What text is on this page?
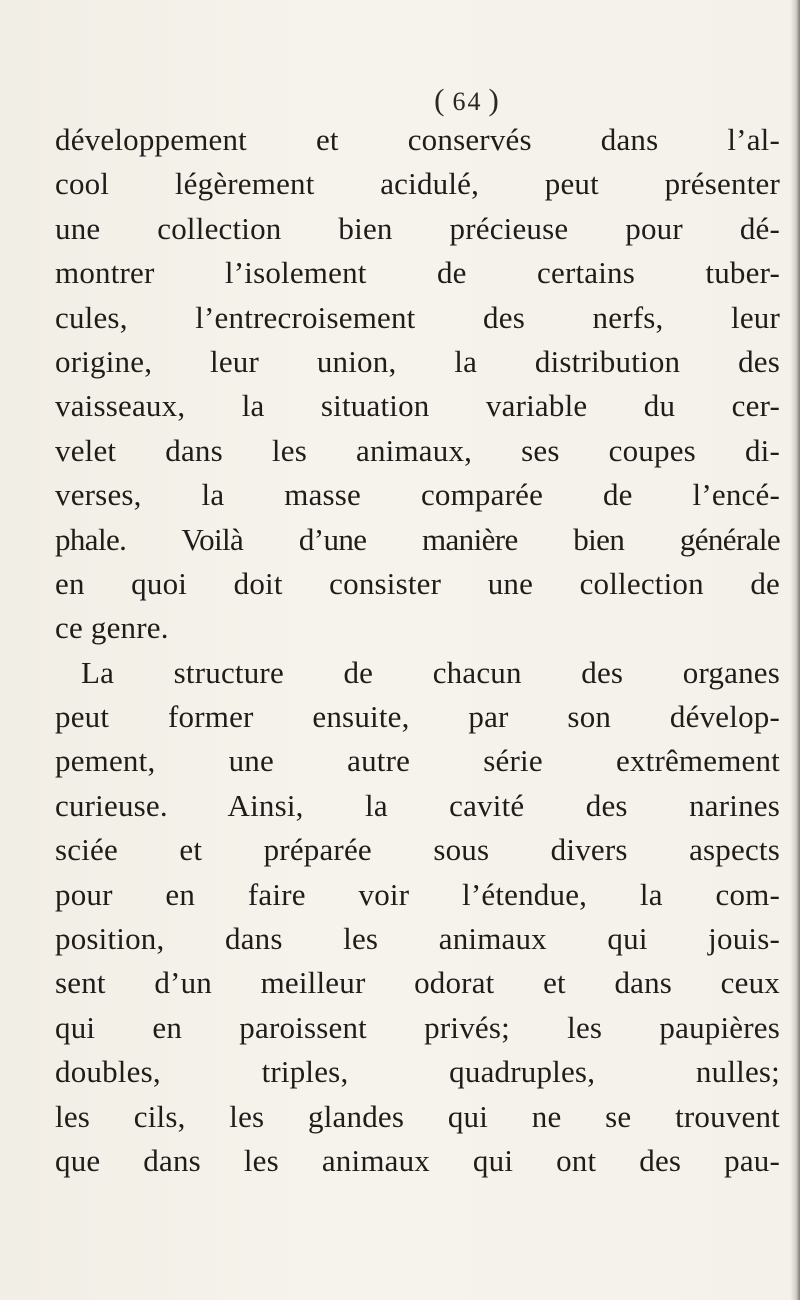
( 64 )
développement et conservés dans l’al-
cool légèrement acidulé, peut présenter
une collection bien précieuse pour dé-
montrer l’isolement de certains tuber-
cules, l’entrecroisement des nerfs, leur
origine, leur union, la distribution des
vaisseaux, la situation variable du cer-
velet dans les animaux, ses coupes di-
verses, la masse comparée de l’encé-
phale. Voilà d’une manière bien générale
en quoi doit consister une collection de
ce genre.
La structure de chacun des organes
peut former ensuite, par son dévelop-
pement, une autre série extrêmement
curieuse. Ainsi, la cavité des narines
sciée et préparée sous divers aspects
pour en faire voir l’étendue, la com-
position, dans les animaux qui jouis-
sent d’un meilleur odorat et dans ceux
qui en paroissent privés; les paupières
doubles, triples, quadruples, nulles;
les cils, les glandes qui ne se trouvent
que dans les animaux qui ont des pau-
